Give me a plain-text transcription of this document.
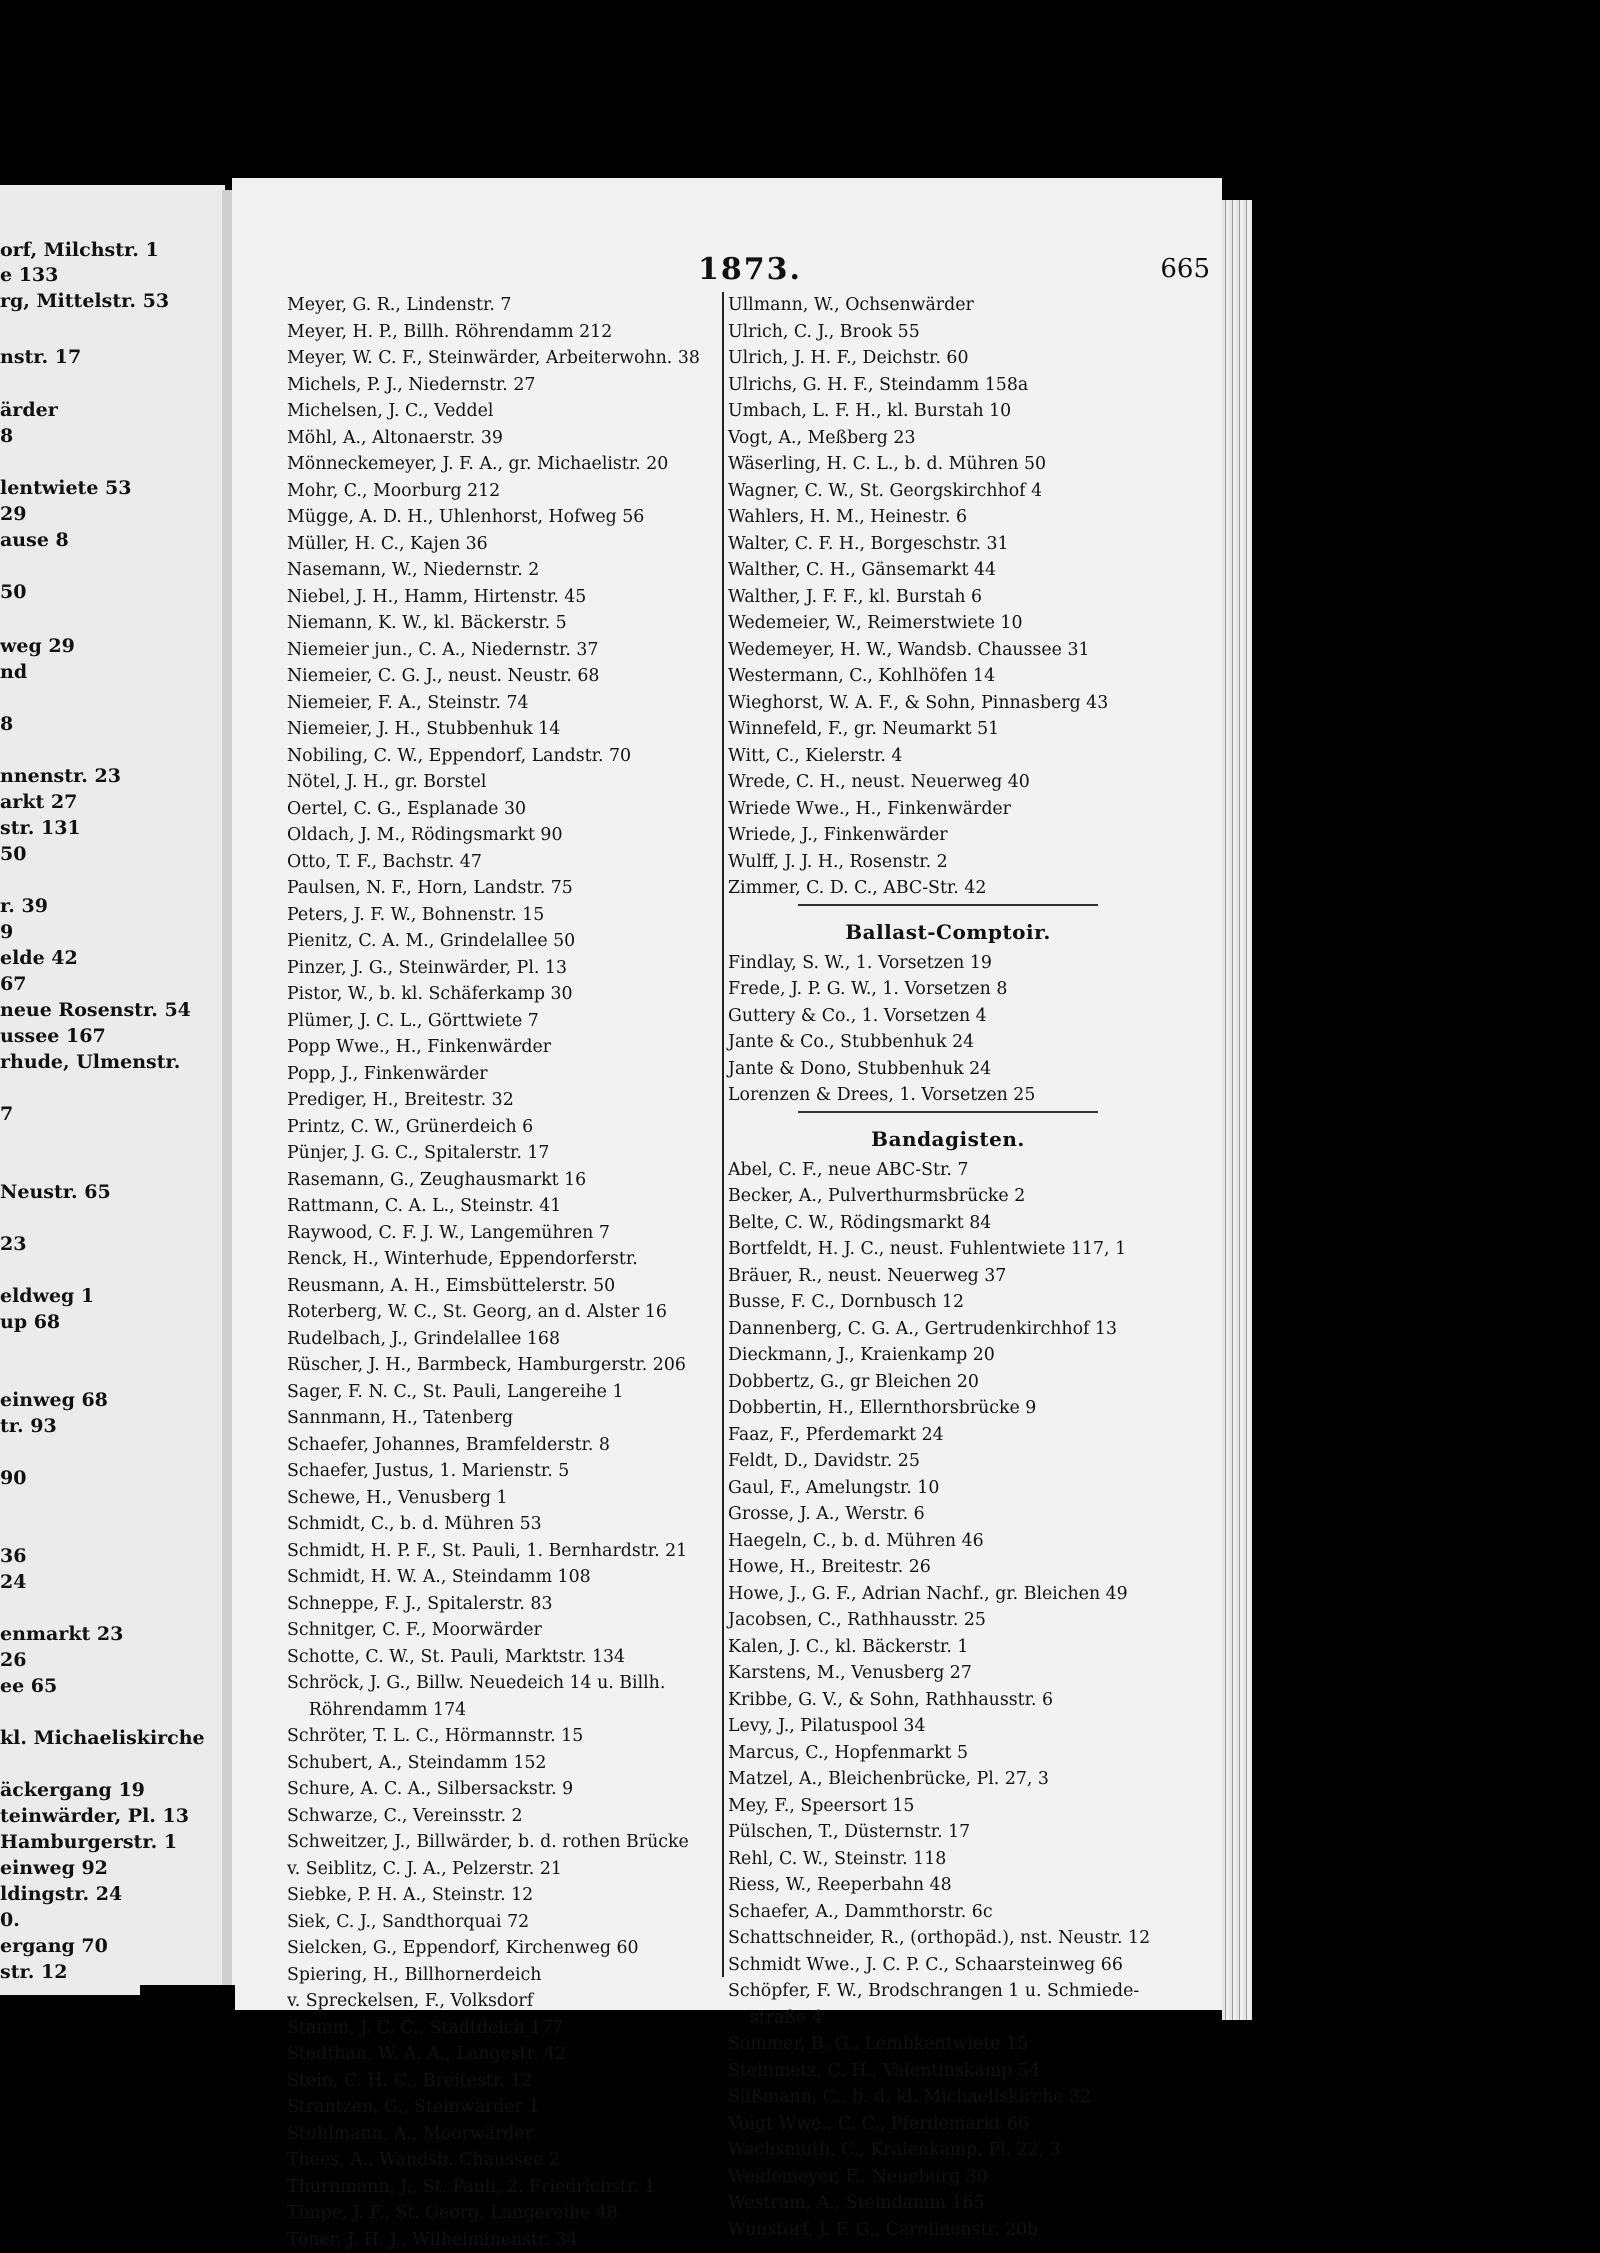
orf, Milchstr. 1
e 133
rg, Mittelstr. 53
nstr. 17
ärder
8
lentwiete 53
29
ause 8
50
weg 29
nd
8
nnenstr. 23
arkt 27
str. 131
50
r. 39
9
elde 42
67
neue Rosenstr. 54
ussee 167
rhude, Ulmenstr.
7
Neustr. 65
23
eldweg 1
up 68
einweg 68
tr. 93
90
36
24
enmarkt 23
26
ee 65
kl. Michaeliskirche
äckergang 19
teinwärder, Pl. 13
Hamburgerstr. 1
einweg 92
ldingstr. 24
0.
ergang 70
str. 12
1873.	665
Meyer, G. R., Lindenstr. 7
Meyer, H. P., Billh. Röhrendamm 212
Meyer, W. C. F., Steinwärder, Arbeiterwohn. 38
Michels, P. J., Niedernstr. 27
Michelsen, J. C., Veddel
Möhl, A., Altonaerstr. 39
Mönneckemeyer, J. F. A., gr. Michaelistr. 20
Mohr, C., Moorburg 212
Mügge, A. D. H., Uhlenhorst, Hofweg 56
Müller, H. C., Kajen 36
Nasemann, W., Niedernstr. 2
Niebel, J. H., Hamm, Hirtenstr. 45
Niemann, K. W., kl. Bäckerstr. 5
Niemeier jun., C. A., Niedernstr. 37
Niemeier, C. G. J., neust. Neustr. 68
Niemeier, F. A., Steinstr. 74
Niemeier, J. H., Stubbenhuk 14
Nobiling, C. W., Eppendorf, Landstr. 70
Nötel, J. H., gr. Borstel
Oertel, C. G., Esplanade 30
Oldach, J. M., Rödingsmarkt 90
Otto, T. F., Bachstr. 47
Paulsen, N. F., Horn, Landstr. 75
Peters, J. F. W., Bohnenstr. 15
Pienitz, C. A. M., Grindelallee 50
Pinzer, J. G., Steinwärder, Pl. 13
Pistor, W., b. kl. Schäferkamp 30
Plümer, J. C. L., Görttwiete 7
Popp Wwe., H., Finkenwärder
Popp, J., Finkenwärder
Prediger, H., Breitestr. 32
Printz, C. W., Grünerdeich 6
Pünjer, J. G. C., Spitalerstr. 17
Rasemann, G., Zeughausmarkt 16
Rattmann, C. A. L., Steinstr. 41
Raywood, C. F. J. W., Langemühren 7
Renck, H., Winterhude, Eppendorferstr.
Reusmann, A. H., Eimsbüttelerstr. 50
Roterberg, W. C., St. Georg, an d. Alster 16
Rudelbach, J., Grindelallee 168
Rüscher, J. H., Barmbeck, Hamburgerstr. 206
Sager, F. N. C., St. Pauli, Langereihe 1
Sannmann, H., Tatenberg
Schaefer, Johannes, Bramfelderstr. 8
Schaefer, Justus, 1. Marienstr. 5
Schewe, H., Venusberg 1
Schmidt, C., b. d. Mühren 53
Schmidt, H. P. F., St. Pauli, 1. Bernhardstr. 21
Schmidt, H. W. A., Steindamm 108
Schneppe, F. J., Spitalerstr. 83
Schnitger, C. F., Moorwärder
Schotte, C. W., St. Pauli, Marktstr. 134
Schröck, J. G., Billw. Neuedeich 14 u. Billh.
Röhrendamm 174
Schröter, T. L. C., Hörmannstr. 15
Schubert, A., Steindamm 152
Schure, A. C. A., Silbersackstr. 9
Schwarze, C., Vereinsstr. 2
Schweitzer, J., Billwärder, b. d. rothen Brücke
v. Seiblitz, C. J. A., Pelzerstr. 21
Siebke, P. H. A., Steinstr. 12
Siek, C. J., Sandthorquai 72
Sielcken, G., Eppendorf, Kirchenweg 60
Spiering, H., Billhornerdeich
v. Spreckelsen, F., Volksdorf
Stamm, J. C. C., Stadtdeich 177
Stedthan, W. A. A., Langestr. 42
Stein, C. H. C., Breitestr. 12
Strantzen, G., Steinwärder 1
Stuhlmann, A., Moorwärder
Thees, A., Wandsb. Chaussee 2
Thurnmann, J., St. Pauli, 2. Friedrichstr. 1
Timpe, J. F., St. Georg, Langereihe 48
Töner, J. H. J., Wilhelminenstr. 34
Ullmann, W., Ochsenwärder
Ulrich, C. J., Brook 55
Ulrich, J. H. F., Deichstr. 60
Ulrichs, G. H. F., Steindamm 158a
Umbach, L. F. H., kl. Burstah 10
Vogt, A., Meßberg 23
Wäserling, H. C. L., b. d. Mühren 50
Wagner, C. W., St. Georgskirchhof 4
Wahlers, H. M., Heinestr. 6
Walter, C. F. H., Borgeschstr. 31
Walther, C. H., Gänsemarkt 44
Walther, J. F. F., kl. Burstah 6
Wedemeier, W., Reimerstwiete 10
Wedemeyer, H. W., Wandsb. Chaussee 31
Westermann, C., Kohlhöfen 14
Wieghorst, W. A. F., & Sohn, Pinnasberg 43
Winnefeld, F., gr. Neumarkt 51
Witt, C., Kielerstr. 4
Wrede, C. H., neust. Neuerweg 40
Wriede Wwe., H., Finkenwärder
Wriede, J., Finkenwärder
Wulff, J. J. H., Rosenstr. 2
Zimmer, C. D. C., ABC-Str. 42
Ballast-Comptoir.
Findlay, S. W., 1. Vorsetzen 19
Frede, J. P. G. W., 1. Vorsetzen 8
Guttery & Co., 1. Vorsetzen 4
Jante & Co., Stubbenhuk 24
Jante & Dono, Stubbenhuk 24
Lorenzen & Drees, 1. Vorsetzen 25
Bandagisten.
Abel, C. F., neue ABC-Str. 7
Becker, A., Pulverthurmsbrücke 2
Belte, C. W., Rödingsmarkt 84
Bortfeldt, H. J. C., neust. Fuhlentwiete 117, 1
Bräuer, R., neust. Neuerweg 37
Busse, F. C., Dornbusch 12
Dannenberg, C. G. A., Gertrudenkirchhof 13
Dieckmann, J., Kraienkamp 20
Dobbertz, G., gr Bleichen 20
Dobbertin, H., Ellernthorsbrücke 9
Faaz, F., Pferdemarkt 24
Feldt, D., Davidstr. 25
Gaul, F., Amelungstr. 10
Grosse, J. A., Werstr. 6
Haegeln, C., b. d. Mühren 46
Howe, H., Breitestr. 26
Howe, J., G. F., Adrian Nachf., gr. Bleichen 49
Jacobsen, C., Rathhausstr. 25
Kalen, J. C., kl. Bäckerstr. 1
Karstens, M., Venusberg 27
Kribbe, G. V., & Sohn, Rathhausstr. 6
Levy, J., Pilatuspool 34
Marcus, C., Hopfenmarkt 5
Matzel, A., Bleichenbrücke, Pl. 27, 3
Mey, F., Speersort 15
Pülschen, T., Düsternstr. 17
Rehl, C. W., Steinstr. 118
Riess, W., Reeperbahn 48
Schaefer, A., Dammthorstr. 6c
Schattschneider, R., (orthopäd.), nst. Neustr. 12
Schmidt Wwe., J. C. P. C., Schaarsteinweg 66
Schöpfer, F. W., Brodschrangen 1 u. Schmiede-
straße 4
Sommer, B. G., Lembkentwiete 15
Steinmetz, C. H., Valentinskamp 54
Süßmann, C., b. d. kl. Michaeliskirche 32
Voigt Wwe., C. C., Pferdemarkt 66
Wachsmuth, C., Kraienkamp, Pl. 22, 3
Weidemeyer, F., Neueburg 30
Westram, A., Steindamm 165
Wunstorf, J. F. G., Carolinenstr. 20b
